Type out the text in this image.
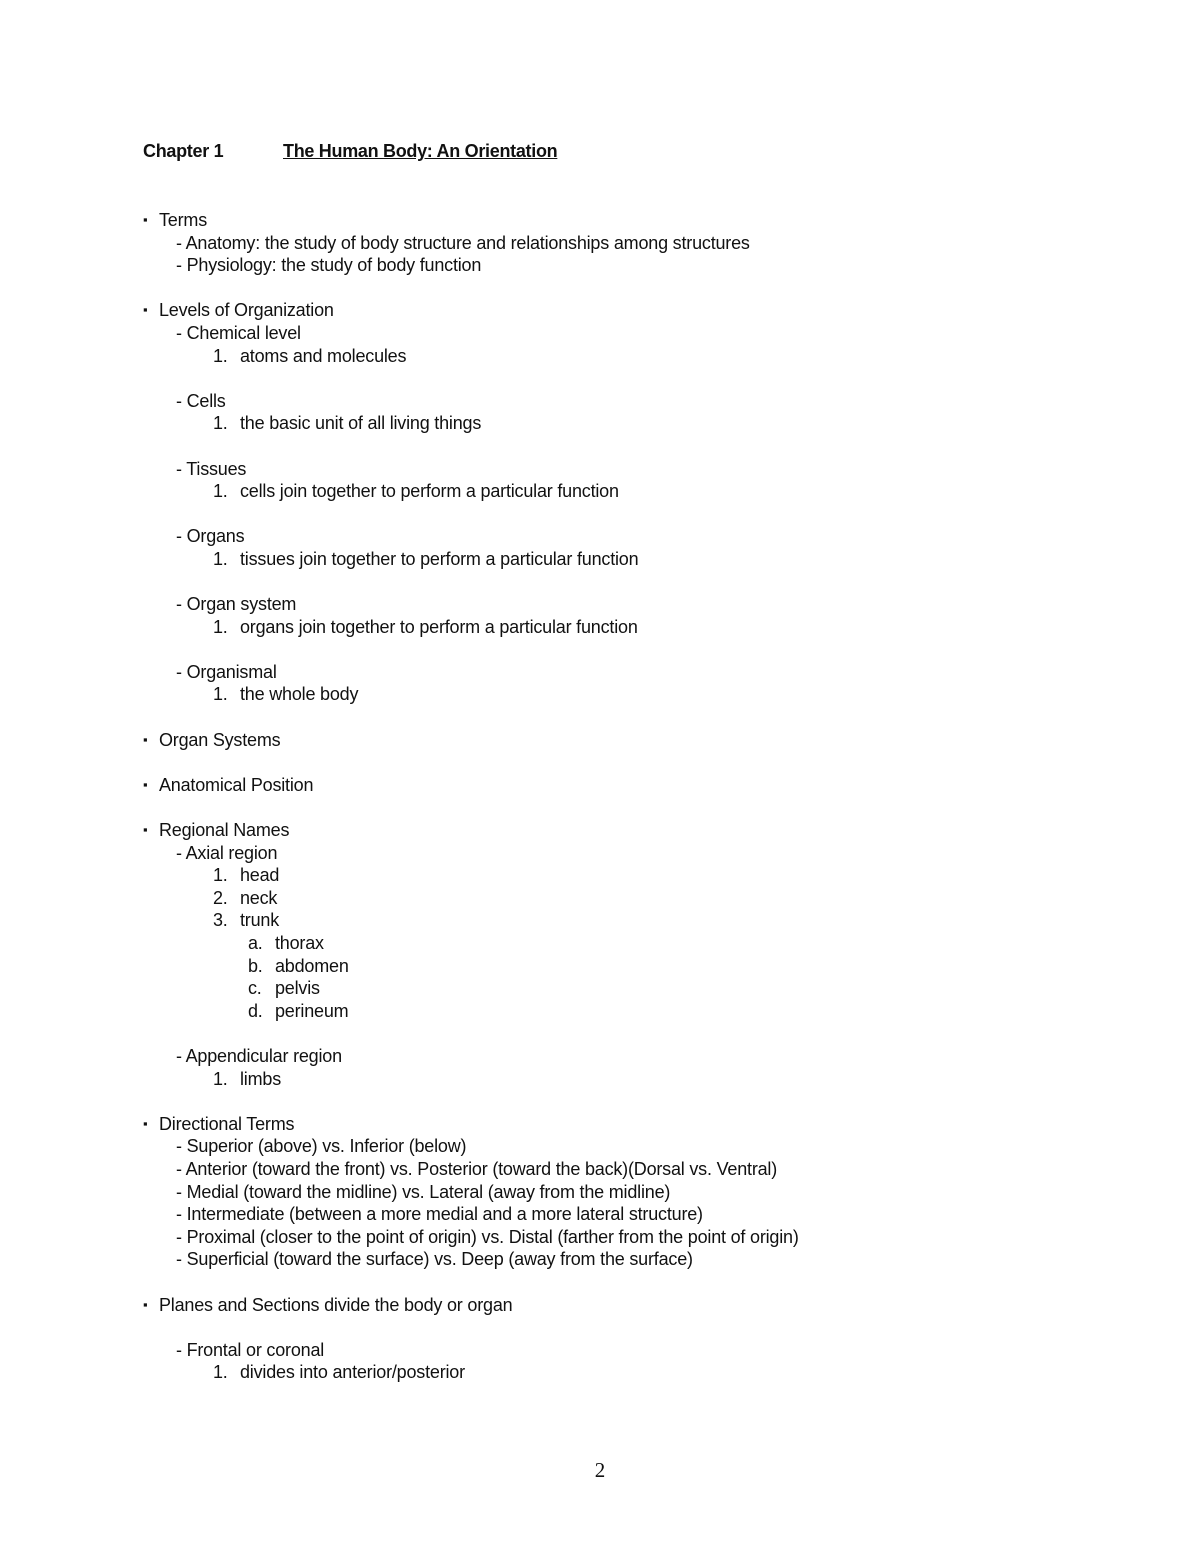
Chapter 1	The Human Body: An Orientation
▪ Terms
- Anatomy: the study of body structure and relationships among structures
- Physiology: the study of body function
▪ Levels of Organization
- Chemical level
1. atoms and molecules
- Cells
1. the basic unit of all living things
- Tissues
1. cells join together to perform a particular function
- Organs
1. tissues join together to perform a particular function
- Organ system
1. organs join together to perform a particular function
- Organismal
1. the whole body
▪ Organ Systems
▪ Anatomical Position
▪ Regional Names
- Axial region
1. head
2. neck
3. trunk
a. thorax
b. abdomen
c. pelvis
d. perineum
- Appendicular region
1. limbs
▪ Directional Terms
- Superior (above) vs. Inferior (below)
- Anterior (toward the front) vs. Posterior (toward the back)(Dorsal vs. Ventral)
- Medial (toward the midline) vs. Lateral (away from the midline)
- Intermediate (between a more medial and a more lateral structure)
- Proximal (closer to the point of origin) vs. Distal (farther from the point of origin)
- Superficial (toward the surface) vs. Deep (away from the surface)
▪ Planes and Sections divide the body or organ
- Frontal or coronal
1. divides into anterior/posterior
2
